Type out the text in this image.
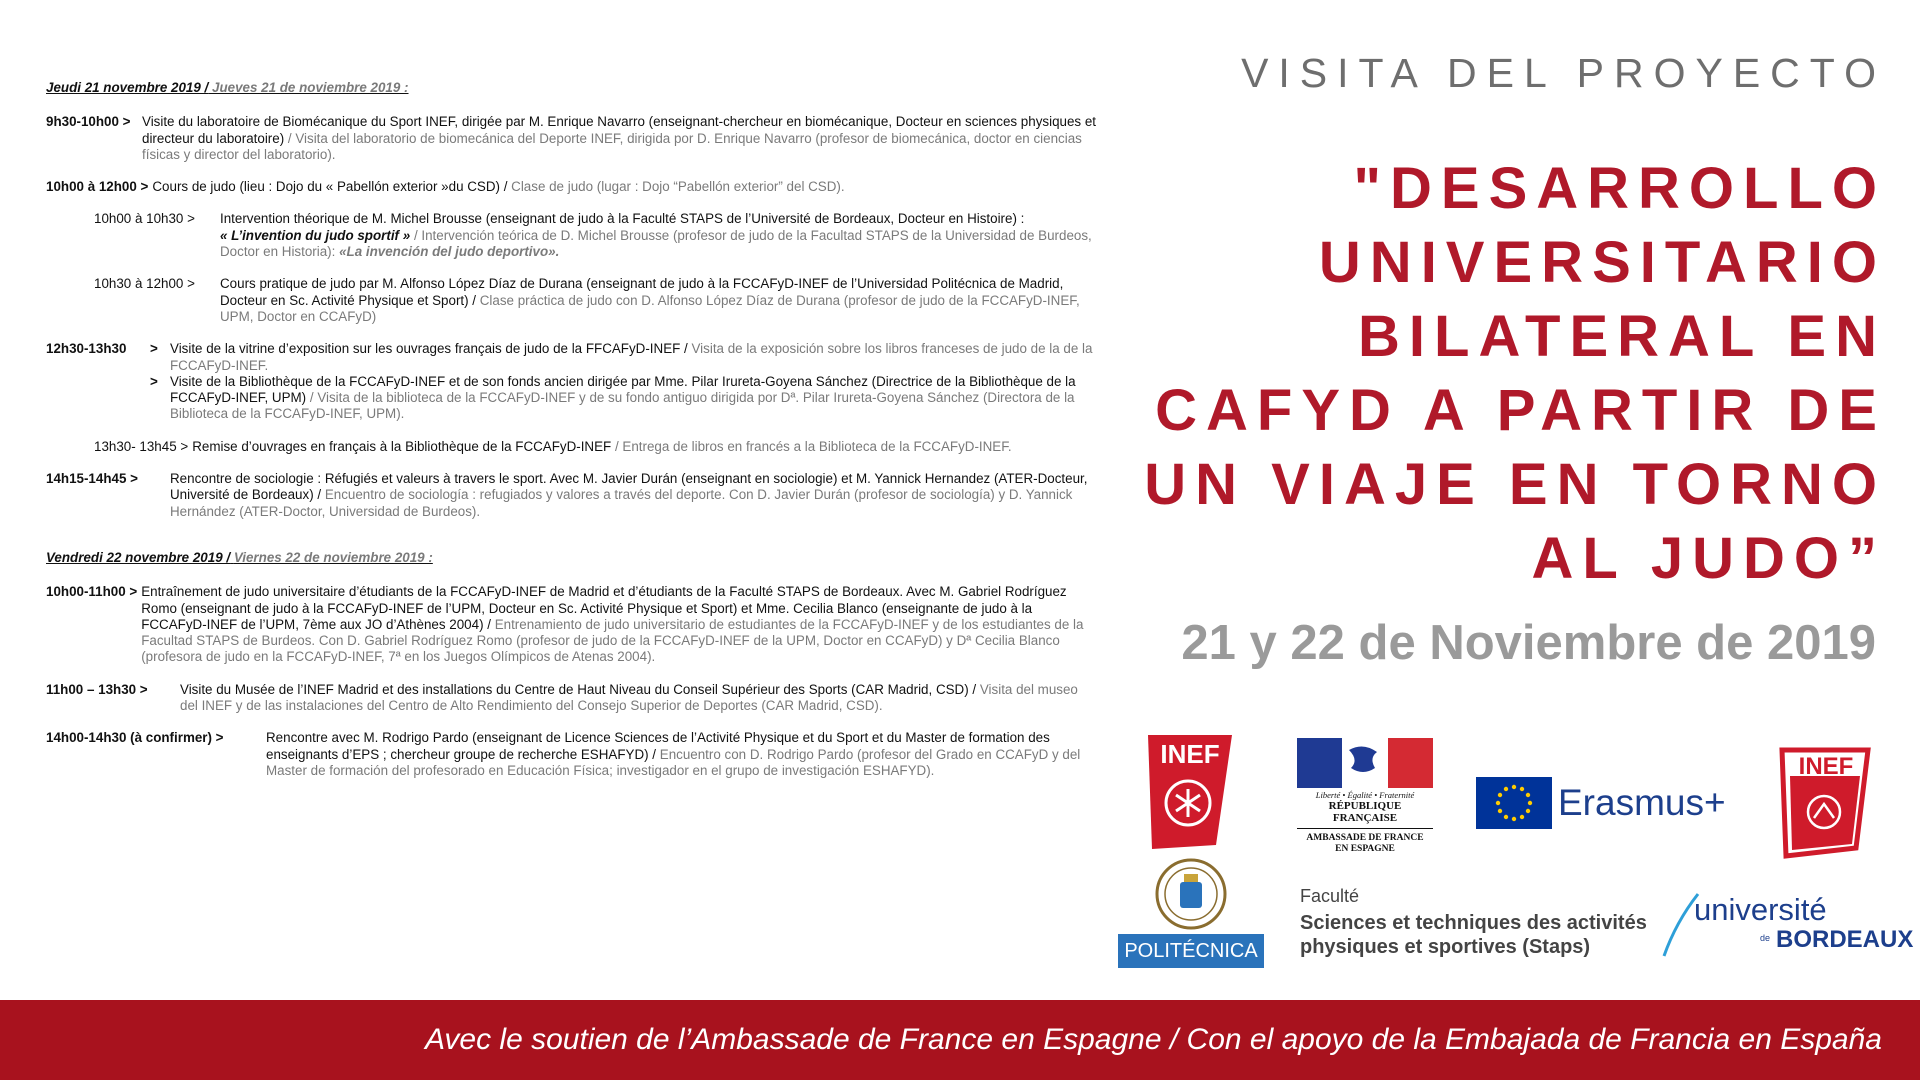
Jeudi 21 novembre 2019 / Jueves 21 de noviembre 2019 :
9h30-10h00 > Visite du laboratoire de Biomécanique du Sport INEF, dirigée par M. Enrique Navarro (enseignant-chercheur en biomécanique, Docteur en sciences physiques et directeur du laboratoire) / Visita del laboratorio de biomecánica del Deporte INEF, dirigida por D. Enrique Navarro (profesor de biomecánica, doctor en ciencias físicas y director del laboratorio).
10h00 à 12h00 > Cours de judo (lieu : Dojo du « Pabellón exterior »du CSD) / Clase de judo (lugar : Dojo “Pabellón exterior” del CSD).
10h00 à 10h30 >	Intervention théorique de M. Michel Brousse (enseignant de judo à la Faculté STAPS de l’Université de Bordeaux, Docteur en Histoire) :
« L’invention du judo sportif » / Intervención teórica de D. Michel Brousse (profesor de judo de la Facultad STAPS de la Universidad de Burdeos, Doctor en Historia): «La invención del judo deportivo».
10h30 à 12h00 >	Cours pratique de judo par M. Alfonso López Díaz de Durana (enseignant de judo à la FCCAFyD-INEF de l’Universidad Politécnica de Madrid, Docteur en Sc. Activité Physique et Sport) / Clase práctica de judo con D. Alfonso López Díaz de Durana (profesor de judo de la FCCAFyD-INEF, UPM, Doctor en CCAFyD)
12h30-13h30	> Visite de la vitrine d’exposition sur les ouvrages français de judo de la FFCAFyD-INEF / Visita de la exposición sobre los libros franceses de judo de la de la FCCAFyD-INEF.
> Visite de la Bibliothèque de la FCCAFyD-INEF et de son fonds ancien dirigée par Mme. Pilar Irureta-Goyena Sánchez (Directrice de la Bibliothèque de la FCCAFyD-INEF, UPM) / Visita de la biblioteca de la FCCAFyD-INEF y de su fondo antiguo dirigida por Dª. Pilar Irureta-Goyena Sánchez (Directora de la Biblioteca de la FCCAFyD-INEF, UPM).
13h30- 13h45 > Remise d’ouvrages en français à la Bibliothèque de la FCCAFyD-INEF / Entrega de libros en francés a la Biblioteca de la FCCAFyD-INEF.
14h15-14h45 >	Rencontre de sociologie : Réfugiés et valeurs à travers le sport. Avec M. Javier Durán (enseignant en sociologie) et M. Yannick Hernandez (ATER-Docteur, Université de Bordeaux) / Encuentro de sociología : refugiados y valores a través del deporte. Con D. Javier Durán (profesor de sociología) y D. Yannick Hernández (ATER-Doctor, Universidad de Burdeos).
Vendredi 22 novembre 2019 / Viernes 22 de noviembre 2019 :
10h00-11h00 > Entraînement de judo universitaire d’étudiants de la FCCAFyD-INEF de Madrid et d’étudiants de la Faculté STAPS de Bordeaux. Avec M. Gabriel Rodríguez Romo (enseignant de judo à la FCCAFyD-INEF de l’UPM, Docteur en Sc. Activité Physique et Sport) et Mme. Cecilia Blanco (enseignante de judo à la FCCAFyD-INEF de l’UPM, 7ème aux JO d’Athènes 2004) / Entrenamiento de judo universitario de estudiantes de la FCCAFyD-INEF y de los estudiantes de la Facultad STAPS de Burdeos. Con D. Gabriel Rodríguez Romo (profesor de judo de la FCCAFyD-INEF de la UPM, Doctor en CCAFyD) y Dª Cecilia Blanco (profesora de judo en la FCCAFyD-INEF, 7ª en los Juegos Olímpicos de Atenas 2004).
11h00 – 13h30 >	Visite du Musée de l’INEF Madrid et des installations du Centre de Haut Niveau du Conseil Supérieur des Sports (CAR Madrid, CSD) / Visita del museo del INEF y de las instalaciones del Centro de Alto Rendimiento del Consejo Superior de Deportes (CAR Madrid, CSD).
14h00-14h30 (à confirmer) >	Rencontre avec M. Rodrigo Pardo (enseignant de Licence Sciences de l’Activité Physique et du Sport et du Master de formation des enseignants d’EPS ; chercheur groupe de recherche ESHAFYD) / Encuentro con D. Rodrigo Pardo (profesor del Grado en CCAFyD y del Master de formación del profesorado en Educación Física; investigador en el grupo de investigación ESHAFYD).
VISITA DEL PROYECTO
"DESARROLLO
UNIVERSITARIO
BILATERAL EN
CAFYD A PARTIR DE
UN VIAJE EN TORNO
AL JUDO”
21 y 22 de Noviembre de 2019
INEF
Liberté • Égalité • Fraternité
RÉPUBLIQUE FRANÇAISE
AMBASSADE DE FRANCE
EN ESPAGNE
Erasmus+
INEF
POLITÉCNICA
Faculté
Sciences et techniques des activités
physiques et sportives (Staps)
université
de BORDEAUX
Avec le soutien de l’Ambassade de France en Espagne / Con el apoyo de la Embajada de Francia en España
